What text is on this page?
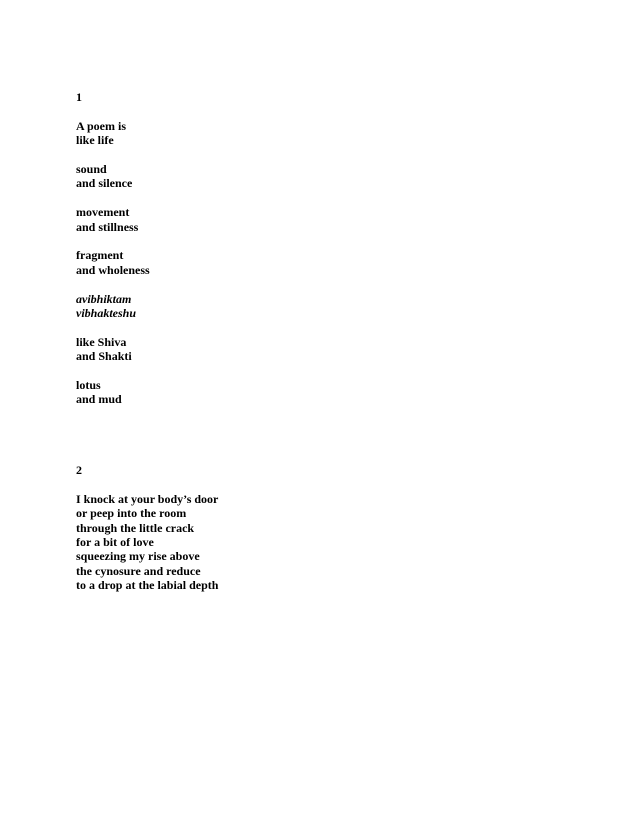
1
A poem is
like life
sound
and silence
movement
and stillness
fragment
and wholeness
avibhiktam
vibhakteshu
like Shiva
and Shakti
lotus
and mud
2
I knock at your body’s door
or peep into the room
through the little crack
for a bit of love
squeezing my rise above
the cynosure and reduce
to a drop at the labial depth
